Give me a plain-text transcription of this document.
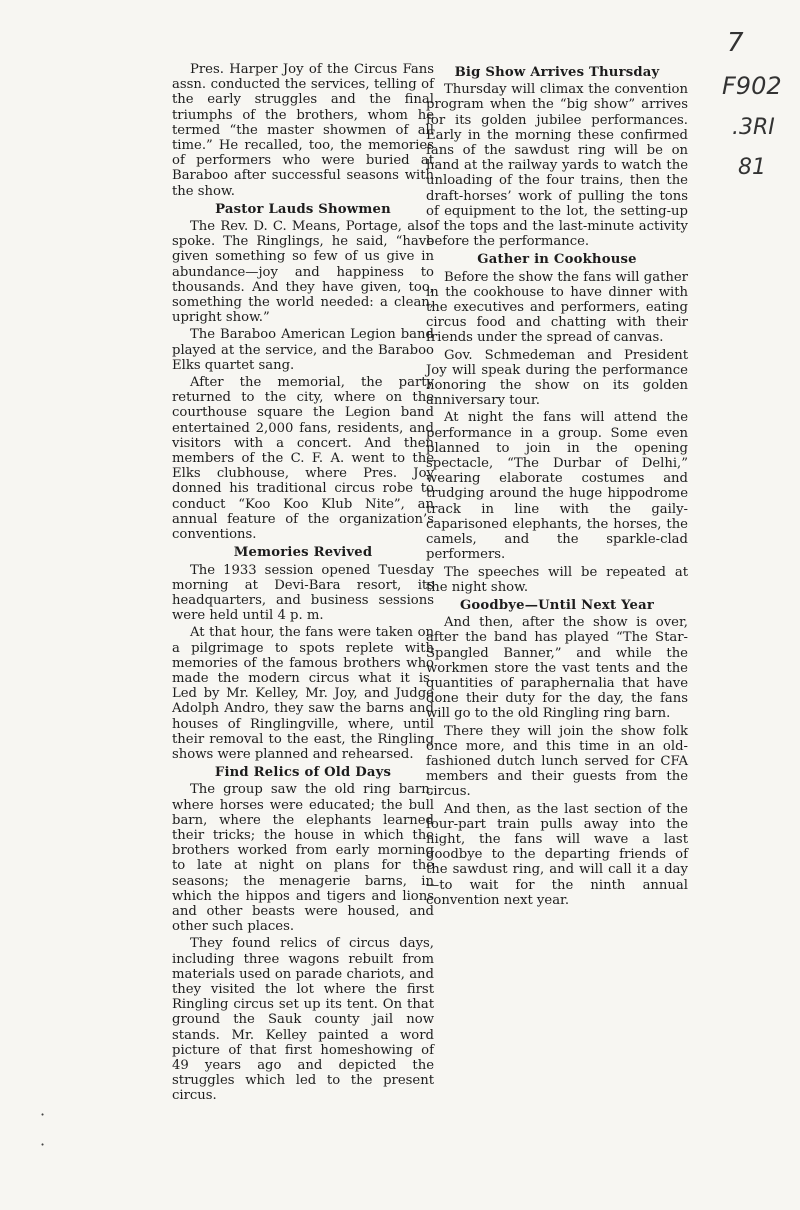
7
F902
.3RI
81
·
·

Pres. Harper Joy of the Circus Fans assn. conducted the services, telling of the early struggles and the final triumphs of the brothers, whom he termed “the master showmen of all time.” He recalled, too, the memories of performers who were buried at Baraboo after successful seasons with the show.

Pastor Lauds Showmen

The Rev. D. C. Means, Portage, also spoke. The Ringlings, he said, “have given something so few of us give in abundance—joy and happiness to thousands. And they have given, too, something the world needed: a clean, upright show.”

The Baraboo American Legion band played at the service, and the Baraboo Elks quartet sang.

After the memorial, the party returned to the city, where on the courthouse square the Legion band entertained 2,000 fans, residents, and visitors with a concert. And then members of the C. F. A. went to the Elks clubhouse, where Pres. Joy donned his traditional circus robe to conduct “Koo Koo Klub Nite”, an annual feature of the organization’s conventions.

Memories Revived

The 1933 session opened Tuesday morning at Devi-Bara resort, its headquarters, and business sessions were held until 4 p. m.

At that hour, the fans were taken on a pilgrimage to spots replete with memories of the famous brothers who made the modern circus what it is. Led by Mr. Kelley, Mr. Joy, and Judge Adolph Andro, they saw the barns and houses of Ringlingville, where, until their removal to the east, the Ringling shows were planned and rehearsed.

Find Relics of Old Days

The group saw the old ring barn, where horses were educated; the bull barn, where the elephants learned their tricks; the house in which the brothers worked from early morning to late at night on plans for the seasons; the menagerie barns, in which the hippos and tigers and lions and other beasts were housed, and other such places.

They found relics of circus days, including three wagons rebuilt from materials used on parade chariots, and they visited the lot where the first Ringling circus set up its tent. On that ground the Sauk county jail now stands. Mr. Kelley painted a word picture of that first homeshowing of 49 years ago and depicted the struggles which led to the present circus.

Big Show Arrives Thursday

Thursday will climax the convention program when the “big show” arrives for its golden jubilee performances. Early in the morning these confirmed fans of the sawdust ring will be on hand at the railway yards to watch the unloading of the four trains, then the draft-horses’ work of pulling the tons of equipment to the lot, the setting-up of the tops and the last-minute activity before the performance.

Gather in Cookhouse

Before the show the fans will gather in the cookhouse to have dinner with the executives and performers, eating circus food and chatting with their friends under the spread of canvas.

Gov. Schmedeman and President Joy will speak during the performance honoring the show on its golden anniversary tour.

At night the fans will attend the performance in a group. Some even planned to join in the opening spectacle, “The Durbar of Delhi,” wearing elaborate costumes and trudging around the huge hippodrome track in line with the gaily-caparisoned elephants, the horses, the camels, and the sparkle-clad performers.

The speeches will be repeated at the night show.

Goodbye—Until Next Year

And then, after the show is over, after the band has played “The Star-Spangled Banner,” and while the workmen store the vast tents and the quantities of paraphernalia that have done their duty for the day, the fans will go to the old Ringling ring barn.

There they will join the show folk once more, and this time in an old-fashioned dutch lunch served for CFA members and their guests from the circus.

And then, as the last section of the four-part train pulls away into the night, the fans will wave a last goodbye to the departing friends of the sawdust ring, and will call it a day—to wait for the ninth annual convention next year.
